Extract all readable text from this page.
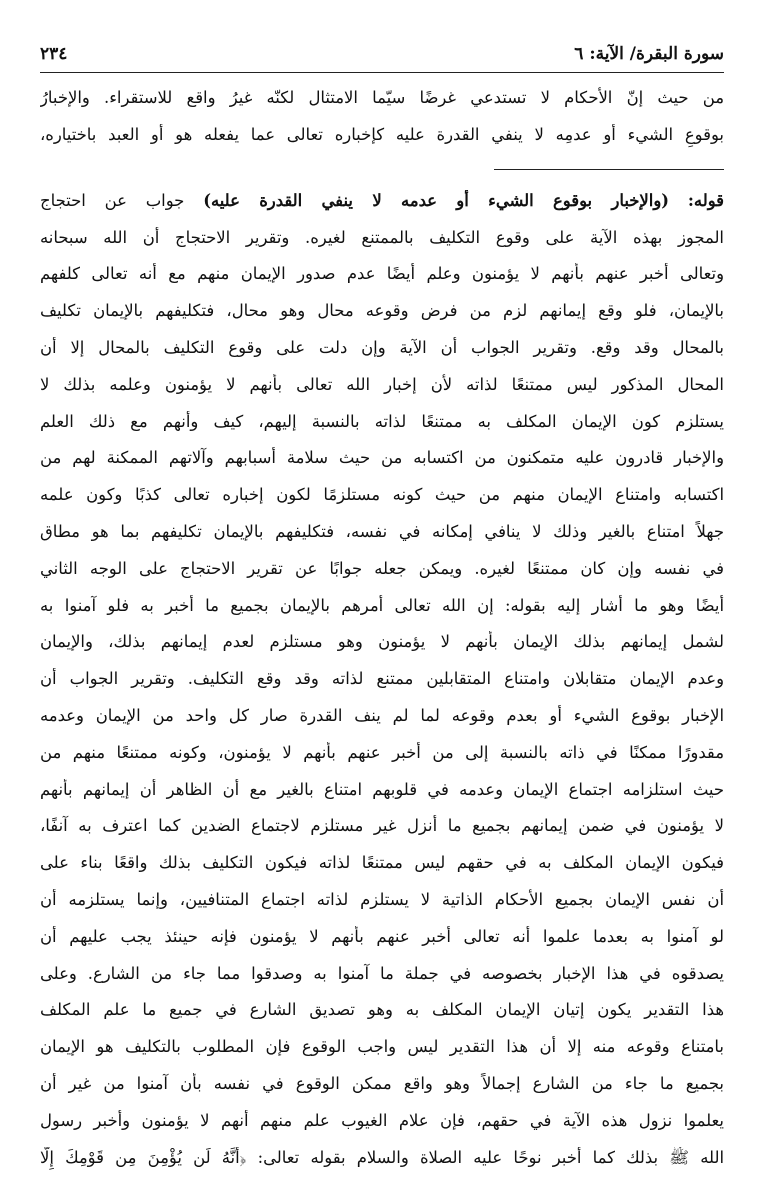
سورة البقرة/ الآية: ٦
٢٣٤
من حيث إنّ الأحكام لا تستدعي غرضًا سيّما الامتثال لكنّه غيرُ واقع للاستقراء. والإخبارُ
بوقوعِ الشيء أو عدمِه لا ينفي القدرة عليه كإخباره تعالى عما يفعله هو أو العبد باختياره،
قوله: (والإخبار بوقوع الشيء أو عدمه لا ينفي القدرة عليه) جواب عن احتجاج
المجوز بهذه الآية على وقوع التكليف بالممتنع لغيره. وتقرير الاحتجاج أن الله سبحانه
وتعالى أخبر عنهم بأنهم لا يؤمنون وعلم أيضًا عدم صدور الإيمان منهم مع أنه تعالى كلفهم
بالإيمان، فلو وقع إيمانهم لزم من فرض وقوعه محال وهو محال، فتكليفهم بالإيمان تكليف
بالمحال وقد وقع. وتقرير الجواب أن الآية وإن دلت على وقوع التكليف بالمحال إلا أن
المحال المذكور ليس ممتنعًا لذاته لأن إخبار الله تعالى بأنهم لا يؤمنون وعلمه بذلك لا
يستلزم كون الإيمان المكلف به ممتنعًا لذاته بالنسبة إليهم، كيف وأنهم مع ذلك العلم
والإخبار قادرون عليه متمكنون من اكتسابه من حيث سلامة أسبابهم وآلاتهم الممكنة لهم من
اكتسابه وامتناع الإيمان منهم من حيث كونه مستلزمًا لكون إخباره تعالى كذبًا وكون علمه
جهلاً امتناع بالغير وذلك لا ينافي إمكانه في نفسه، فتكليفهم بالإيمان تكليفهم بما هو مطاق
في نفسه وإن كان ممتنعًا لغيره. ويمكن جعله جوابًا عن تقرير الاحتجاج على الوجه الثاني
أيضًا وهو ما أشار إليه بقوله: إن الله تعالى أمرهم بالإيمان بجميع ما أخبر به فلو آمنوا به
لشمل إيمانهم بذلك الإيمان بأنهم لا يؤمنون وهو مستلزم لعدم إيمانهم بذلك، والإيمان
وعدم الإيمان متقابلان وامتناع المتقابلين ممتنع لذاته وقد وقع التكليف. وتقرير الجواب أن
الإخبار بوقوع الشيء أو بعدم وقوعه لما لم ينف القدرة صار كل واحد من الإيمان وعدمه
مقدورًا ممكنًا في ذاته بالنسبة إلى من أخبر عنهم بأنهم لا يؤمنون، وكونه ممتنعًا منهم من
حيث استلزامه اجتماع الإيمان وعدمه في قلوبهم امتناع بالغير مع أن الظاهر أن إيمانهم بأنهم
لا يؤمنون في ضمن إيمانهم بجميع ما أنزل غير مستلزم لاجتماع الضدين كما اعترف به آنفًا،
فيكون الإيمان المكلف به في حقهم ليس ممتنعًا لذاته فيكون التكليف بذلك واقعًا بناء على
أن نفس الإيمان بجميع الأحكام الذاتية لا يستلزم لذاته اجتماع المتنافيين، وإنما يستلزمه أن
لو آمنوا به بعدما علموا أنه تعالى أخبر عنهم بأنهم لا يؤمنون فإنه حينئذ يجب عليهم أن
يصدقوه في هذا الإخبار بخصوصه في جملة ما آمنوا به وصدقوا مما جاء من الشارع. وعلى
هذا التقدير يكون إتيان الإيمان المكلف به وهو تصديق الشارع في جميع ما علم المكلف
بامتناع وقوعه منه إلا أن هذا التقدير ليس واجب الوقوع فإن المطلوب بالتكليف هو الإيمان
بجميع ما جاء من الشارع إجمالاً وهو واقع ممكن الوقوع في نفسه بأن آمنوا من غير أن
يعلموا نزول هذه الآية في حقهم، فإن علام الغيوب علم منهم أنهم لا يؤمنون وأخبر رسول
الله ﷺ بذلك كما أخبر نوحًا عليه الصلاة والسلام بقوله تعالى: ﴿أَنَّهُ لَن يُؤْمِنَ مِن قَوْمِكَ إِلَّا
